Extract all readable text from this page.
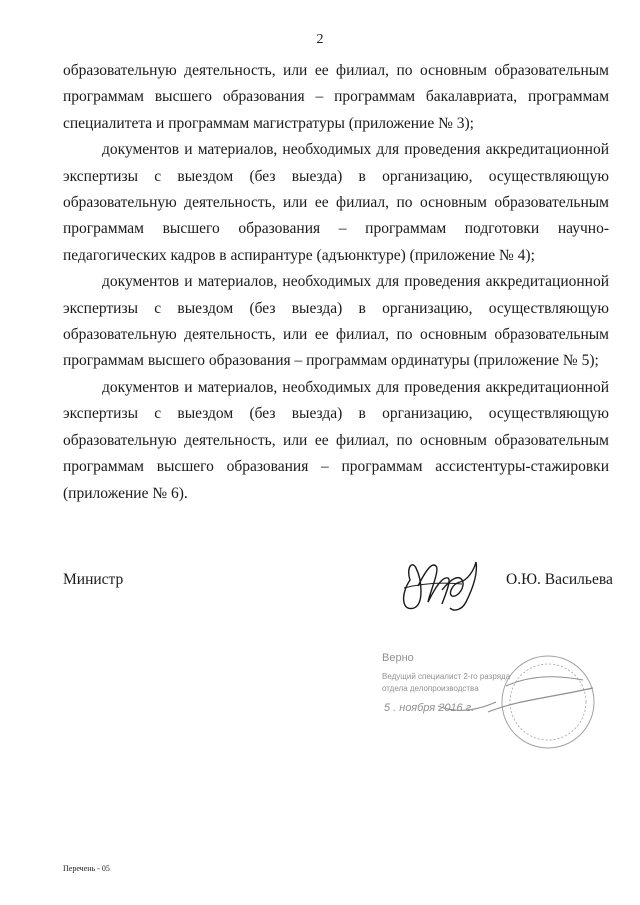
2

образовательную деятельность, или ее филиал, по основным образовательным программам высшего образования – программам бакалавриата, программам специалитета и программам магистратуры (приложение № 3);

документов и материалов, необходимых для проведения аккредитационной экспертизы с выездом (без выезда) в организацию, осуществляющую образовательную деятельность, или ее филиал, по основным образовательным программам высшего образования – программам подготовки научно-педагогических кадров в аспирантуре (адъюнктуре) (приложение № 4);

документов и материалов, необходимых для проведения аккредитационной экспертизы с выездом (без выезда) в организацию, осуществляющую образовательную деятельность, или ее филиал, по основным образовательным программам высшего образования – программам ординатуры (приложение № 5);

документов и материалов, необходимых для проведения аккредитационной экспертизы с выездом (без выезда) в организацию, осуществляющую образовательную деятельность, или ее филиал, по основным образовательным программам высшего образования – программам ассистентуры-стажировки (приложение № 6).

Министр	О.Ю. Васильева
Верно
Ведущий специалист 2-го разряда
отдела делопроизводства
5 . ноября 2016 г.
Перечень - 05
